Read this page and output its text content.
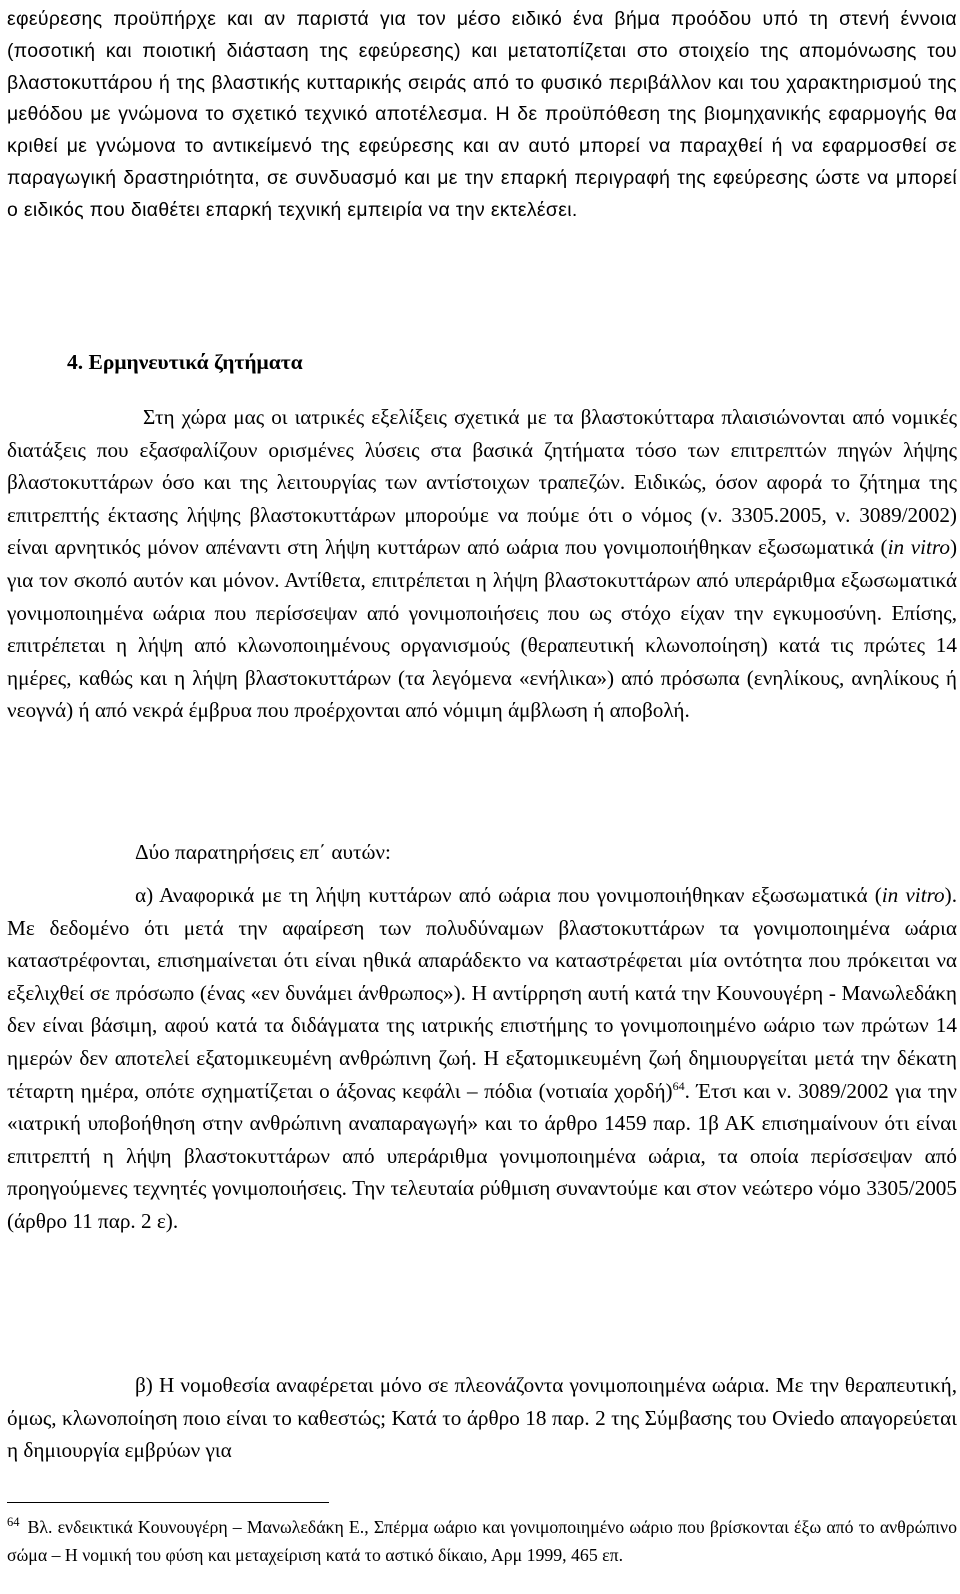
εφεύρεσης προϋπήρχε και αν παριστά για τον μέσο ειδικό ένα βήμα προόδου υπό τη στενή έννοια (ποσοτική και ποιοτική διάσταση της εφεύρεσης) και μετατοπίζεται στο στοιχείο της απομόνωσης του βλαστοκυττάρου ή της βλαστικής κυτταρικής σειράς από το φυσικό περιβάλλον και του χαρακτηρισμού της μεθόδου με γνώμονα το σχετικό τεχνικό αποτέλεσμα. Η δε προϋπόθεση της βιομηχανικής εφαρμογής θα κριθεί με γνώμονα το αντικείμενό της εφεύρεσης και αν αυτό μπορεί να παραχθεί ή να εφαρμοσθεί σε παραγωγική δραστηριότητα, σε συνδυασμό και με την επαρκή περιγραφή της εφεύρεσης ώστε να μπορεί ο ειδικός που διαθέτει επαρκή τεχνική εμπειρία να την εκτελέσει.

4. Ερμηνευτικά ζητήματα

Στη χώρα μας οι ιατρικές εξελίξεις σχετικά με τα βλαστοκύτταρα πλαισιώνονται από νομικές διατάξεις που εξασφαλίζουν ορισμένες λύσεις στα βασικά ζητήματα τόσο των επιτρεπτών πηγών λήψης βλαστοκυττάρων όσο και της λειτουργίας των αντίστοιχων τραπεζών. Ειδικώς, όσον αφορά το ζήτημα της επιτρεπτής έκτασης λήψης βλαστοκυττάρων μπορούμε να πούμε ότι ο νόμος (ν. 3305.2005, ν. 3089/2002) είναι αρνητικός μόνον απέναντι στη λήψη κυττάρων από ωάρια που γονιμοποιήθηκαν εξωσωματικά (in vitro) για τον σκοπό αυτόν και μόνον. Αντίθετα, επιτρέπεται η λήψη βλαστοκυττάρων από υπεράριθμα εξωσωματικά γονιμοποιημένα ωάρια που περίσσεψαν από γονιμοποιήσεις που ως στόχο είχαν την εγκυμοσύνη. Επίσης, επιτρέπεται η λήψη από κλωνοποιημένους οργανισμούς (θεραπευτική κλωνοποίηση) κατά τις πρώτες 14 ημέρες, καθώς και η λήψη βλαστοκυττάρων (τα λεγόμενα «ενήλικα») από πρόσωπα (ενηλίκους, ανηλίκους ή νεογνά) ή από νεκρά έμβρυα που προέρχονται από νόμιμη άμβλωση ή αποβολή.

Δύο παρατηρήσεις επ΄ αυτών:

α) Αναφορικά με τη λήψη κυττάρων από ωάρια που γονιμοποιήθηκαν εξωσωματικά (in vitro). Με δεδομένο ότι μετά την αφαίρεση των πολυδύναμων βλαστοκυττάρων τα γονιμοποιημένα ωάρια καταστρέφονται, επισημαίνεται ότι είναι ηθικά απαράδεκτο να καταστρέφεται μία οντότητα που πρόκειται να εξελιχθεί σε πρόσωπο (ένας «εν δυνάμει άνθρωπος»). Η αντίρρηση αυτή κατά την Κουνουγέρη - Μανωλεδάκη δεν είναι βάσιμη, αφού κατά τα διδάγματα της ιατρικής επιστήμης το γονιμοποιημένο ωάριο των πρώτων 14 ημερών δεν αποτελεί εξατομικευμένη ανθρώπινη ζωή. Η εξατομικευμένη ζωή δημιουργείται μετά την δέκατη τέταρτη ημέρα, οπότε σχηματίζεται ο άξονας κεφάλι – πόδια (νοτιαία χορδή)$^{64}$. Έτσι και ν. 3089/2002 για την «ιατρική υποβοήθηση στην ανθρώπινη αναπαραγωγή» και το άρθρο 1459 παρ. 1β ΑΚ επισημαίνουν ότι είναι επιτρεπτή η λήψη βλαστοκυττάρων από υπεράριθμα γονιμοποιημένα ωάρια, τα οποία περίσσεψαν από προηγούμενες τεχνητές γονιμοποιήσεις. Την τελευταία ρύθμιση συναντούμε και στον νεώτερο νόμο 3305/2005 (άρθρο 11 παρ. 2 ε).

β) Η νομοθεσία αναφέρεται μόνο σε πλεονάζοντα γονιμοποιημένα ωάρια. Με την θεραπευτική, όμως, κλωνοποίηση ποιο είναι το καθεστώς; Κατά το άρθρο 18 παρ. 2 της Σύμβασης του Oviedo απαγορεύεται η δημιουργία εμβρύων για

$^{64}$ Βλ. ενδεικτικά Κουνουγέρη – Μανωλεδάκη Ε., Σπέρμα ωάριο και γονιμοποιημένο ωάριο που βρίσκονται έξω από το ανθρώπινο σώμα – Η νομική του φύση και μεταχείριση κατά το αστικό δίκαιο, Αρμ 1999, 465 επ.
